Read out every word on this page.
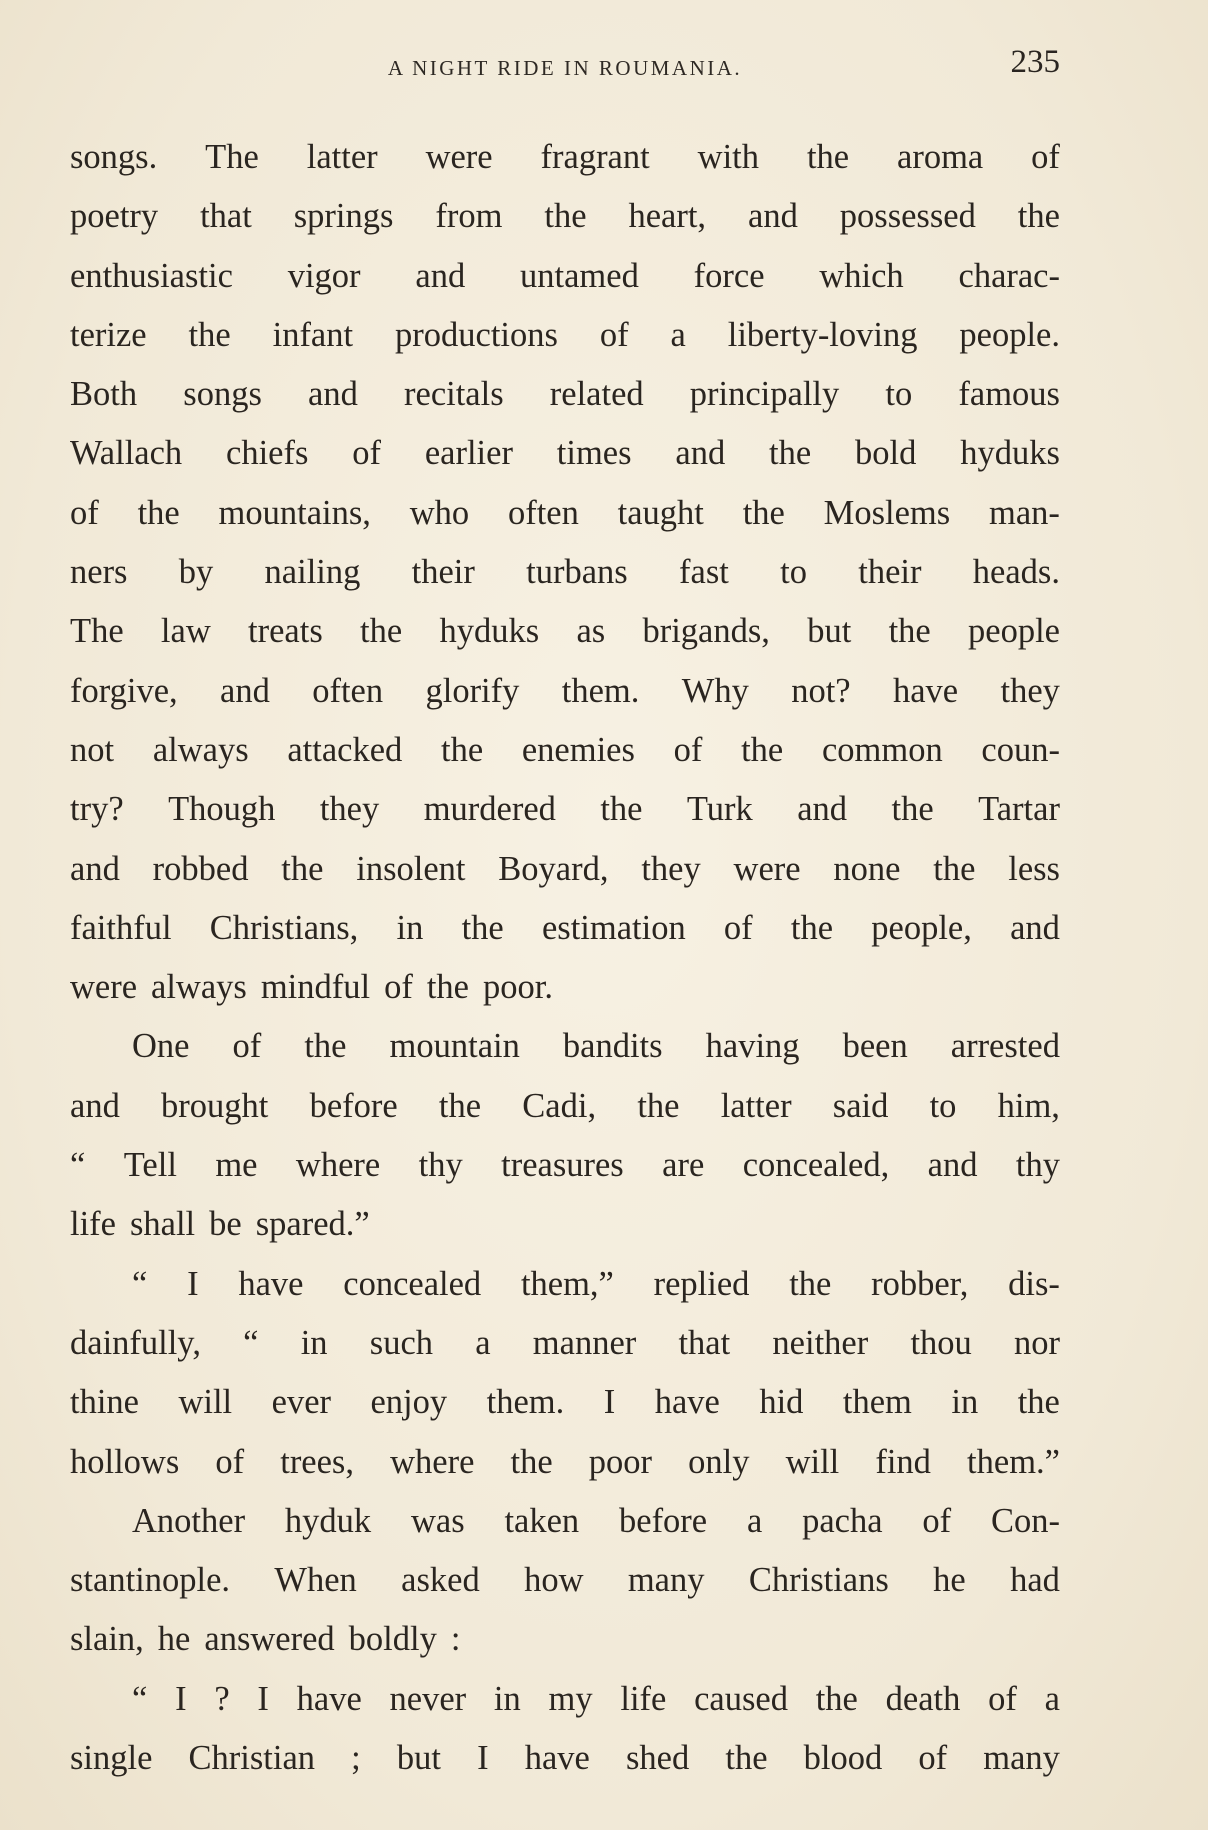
A NIGHT RIDE IN ROUMANIA.	235
songs. The latter were fragrant with the aroma of
poetry that springs from the heart, and possessed the
enthusiastic vigor and untamed force which charac-
terize the infant productions of a liberty-loving people.
Both songs and recitals related principally to famous
Wallach chiefs of earlier times and the bold hyduks
of the mountains, who often taught the Moslems man-
ners by nailing their turbans fast to their heads.
The law treats the hyduks as brigands, but the people
forgive, and often glorify them. Why not? have they
not always attacked the enemies of the common coun-
try? Though they murdered the Turk and the Tartar
and robbed the insolent Boyard, they were none the less
faithful Christians, in the estimation of the people, and
were always mindful of the poor.
One of the mountain bandits having been arrested
and brought before the Cadi, the latter said to him,
“ Tell me where thy treasures are concealed, and thy
life shall be spared.”
“ I have concealed them,” replied the robber, dis-
dainfully, “ in such a manner that neither thou nor
thine will ever enjoy them. I have hid them in the
hollows of trees, where the poor only will find them.”
Another hyduk was taken before a pacha of Con-
stantinople. When asked how many Christians he had
slain, he answered boldly :
“ I ? I have never in my life caused the death of a
single Christian ; but I have shed the blood of many
